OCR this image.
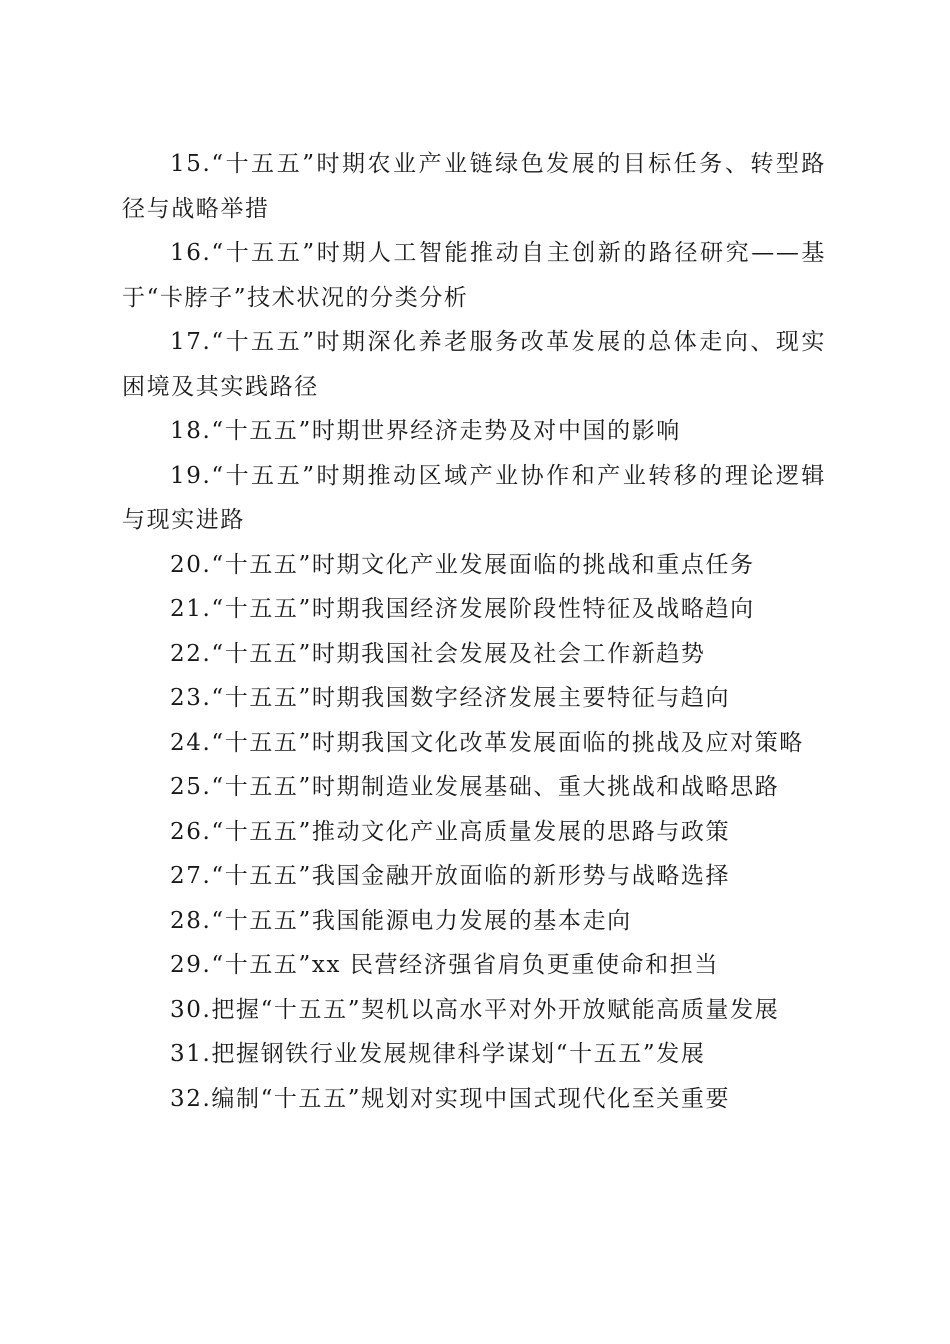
15.“十五五”时期农业产业链绿色发展的目标任务、转型路径与战略举措

16.“十五五”时期人工智能推动自主创新的路径研究——基于“卡脖子”技术状况的分类分析

17.“十五五”时期深化养老服务改革发展的总体走向、现实困境及其实践路径

18.“十五五”时期世界经济走势及对中国的影响

19.“十五五”时期推动区域产业协作和产业转移的理论逻辑与现实进路

20.“十五五”时期文化产业发展面临的挑战和重点任务

21.“十五五”时期我国经济发展阶段性特征及战略趋向

22.“十五五”时期我国社会发展及社会工作新趋势

23.“十五五”时期我国数字经济发展主要特征与趋向

24.“十五五”时期我国文化改革发展面临的挑战及应对策略

25.“十五五”时期制造业发展基础、重大挑战和战略思路

26.“十五五”推动文化产业高质量发展的思路与政策

27.“十五五”我国金融开放面临的新形势与战略选择

28.“十五五”我国能源电力发展的基本走向

29.“十五五”xx 民营经济强省肩负更重使命和担当

30.把握“十五五”契机以高水平对外开放赋能高质量发展

31.把握钢铁行业发展规律科学谋划“十五五”发展

32.编制“十五五”规划对实现中国式现代化至关重要
